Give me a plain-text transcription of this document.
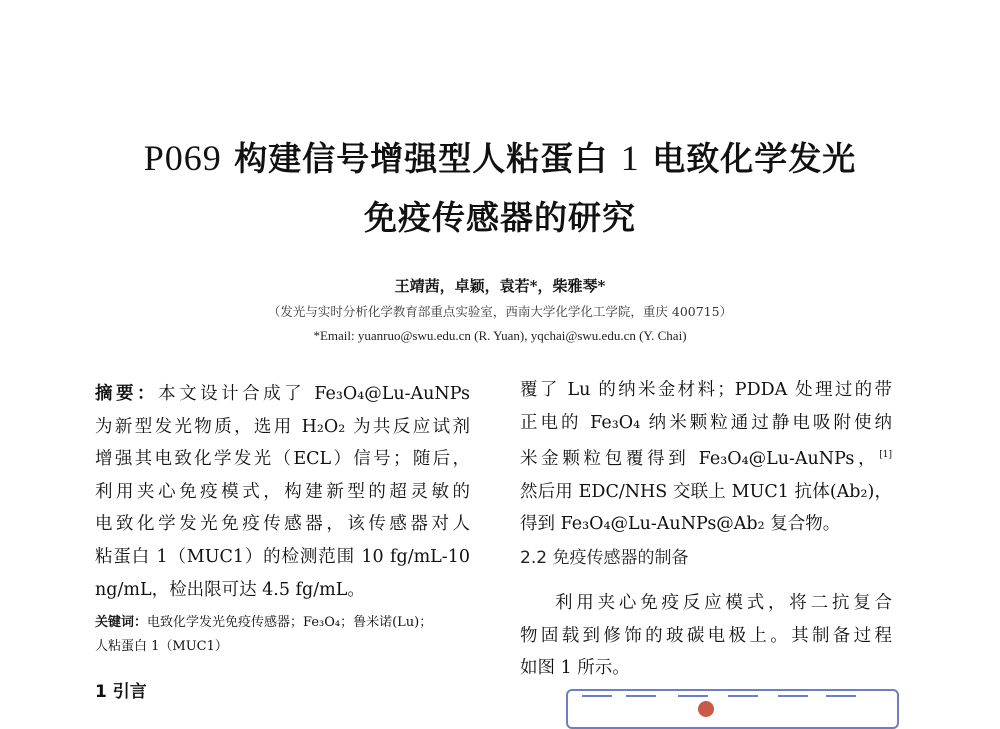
P069 构建信号增强型人粘蛋白 1 电致化学发光
免疫传感器的研究
王靖茜，卓颖，袁若*，柴雅琴*
（发光与实时分析化学教育部重点实验室，西南大学化学化工学院，重庆 400715）
*Email: yuanruo@swu.edu.cn (R. Yuan), yqchai@swu.edu.cn (Y. Chai)
摘要：本文设计合成了 Fe₃O₄@Lu-AuNPs
为新型发光物质，选用 H₂O₂ 为共反应试剂
增强其电致化学发光（ECL）信号；随后，
利用夹心免疫模式，构建新型的超灵敏的
电致化学发光免疫传感器，该传感器对人
粘蛋白 1（MUC1）的检测范围 10 fg/mL-10
ng/mL，检出限可达 4.5 fg/mL。
关键词：电致化学发光免疫传感器；Fe₃O₄；鲁米诺(Lu)；
人粘蛋白 1（MUC1）
1 引言
覆了 Lu 的纳米金材料；PDDA 处理过的带
正电的 Fe₃O₄ 纳米颗粒通过静电吸附使纳
米金颗粒包覆得到 Fe₃O₄@Lu-AuNPs，[1]
然后用 EDC/NHS 交联上 MUC1 抗体(Ab₂)，
得到 Fe₃O₄@Lu-AuNPs@Ab₂ 复合物。
2.2 免疫传感器的制备
利用夹心免疫反应模式，将二抗复合
物固载到修饰的玻碳电极上。其制备过程
如图 1 所示。
